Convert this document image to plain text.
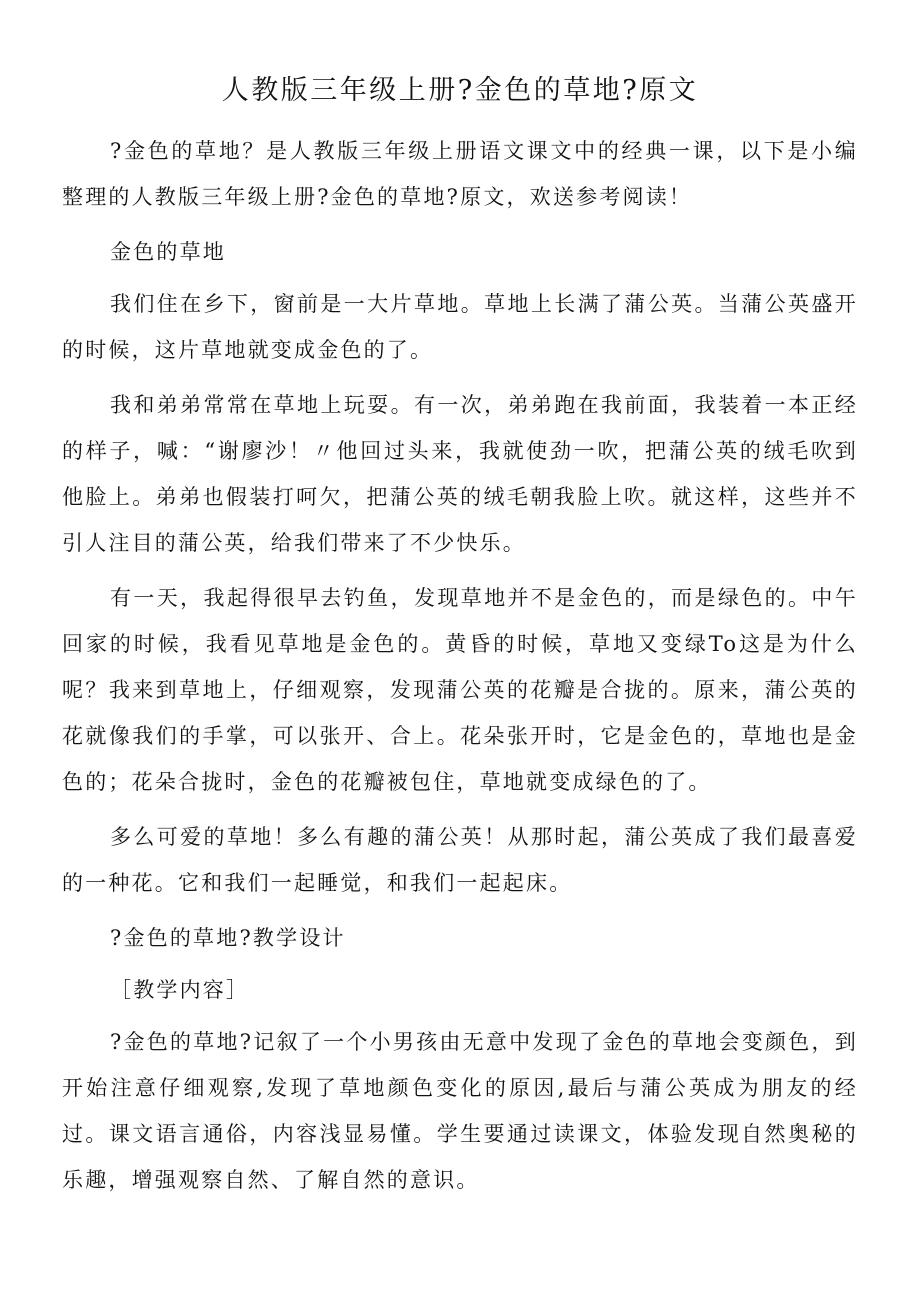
人教版三年级上册?金色的草地?原文

?金色的草地？是人教版三年级上册语文课文中的经典一课，以下是小编整理的人教版三年级上册?金色的草地?原文，欢送参考阅读！

金色的草地

我们住在乡下，窗前是一大片草地。草地上长满了蒲公英。当蒲公英盛开的时候，这片草地就变成金色的了。

我和弟弟常常在草地上玩耍。有一次，弟弟跑在我前面，我装着一本正经的样子，喊：“谢廖沙！〃他回过头来，我就使劲一吹，把蒲公英的绒毛吹到他脸上。弟弟也假装打呵欠，把蒲公英的绒毛朝我脸上吹。就这样，这些并不引人注目的蒲公英，给我们带来了不少快乐。

有一天，我起得很早去钓鱼，发现草地并不是金色的，而是绿色的。中午回家的时候，我看见草地是金色的。黄昏的时候，草地又变绿To这是为什么呢？我来到草地上，仔细观察，发现蒲公英的花瓣是合拢的。原来，蒲公英的花就像我们的手掌，可以张开、合上。花朵张开时，它是金色的，草地也是金色的；花朵合拢时，金色的花瓣被包住，草地就变成绿色的了。

多么可爱的草地！多么有趣的蒲公英！从那时起，蒲公英成了我们最喜爱的一种花。它和我们一起睡觉，和我们一起起床。

?金色的草地?教学设计

［教学内容］

?金色的草地?记叙了一个小男孩由无意中发现了金色的草地会变颜色，到开始注意仔细观察,发现了草地颜色变化的原因,最后与蒲公英成为朋友的经过。课文语言通俗，内容浅显易懂。学生要通过读课文，体验发现自然奥秘的乐趣，增强观察自然、了解自然的意识。
